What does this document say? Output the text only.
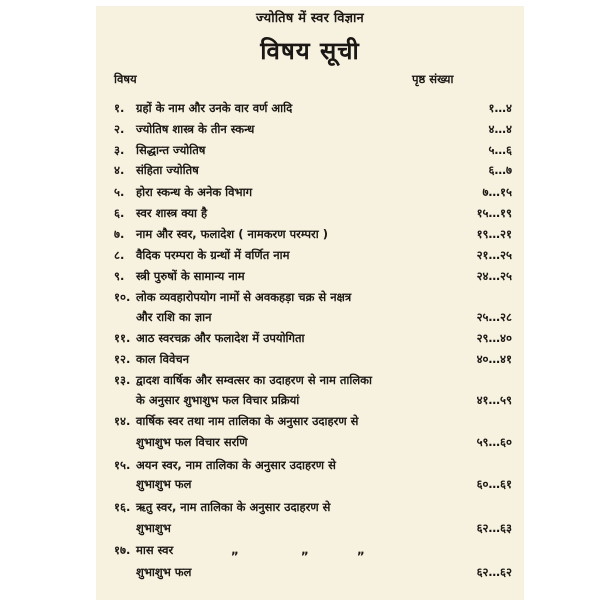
ज्योतिष में स्वर विज्ञान
विषय सूची
विषय	पृष्ठ संख्या
१. ग्रहों के नाम और उनके वार वर्ण आदि	१…४
२. ज्योतिष शास्त्र के तीन स्कन्ध	४…४
३. सिद्धान्त ज्योतिष	५…६
४. संहिता ज्योतिष	६…७
५. होरा स्कन्ध के अनेक विभाग	७…१५
६. स्वर शास्त्र क्या है	१५…१९
७. नाम और स्वर, फलादेश ( नामकरण परम्परा )	१९…२१
८. वैदिक परम्परा के ग्रन्थों में वर्णित नाम	२१…२५
९. स्त्री पुरुषों के सामान्य नाम	२४…२५
१०. लोक व्यवहारोपयोग नामों से अवकहड़ा चक्र से नक्षत्र
और राशि का ज्ञान	२५…२८
११. आठ स्वरचक्र और फलादेश में उपयोगिता	२९…४०
१२. काल विवेचन	४०…४१
१३. द्वादश वार्षिक और सम्वत्सर का उदाहरण से नाम तालिका
के अनुसार शुभाशुभ फल विचार प्रक्रियां	४१…५९
१४. वार्षिक स्वर तथा नाम तालिका के अनुसार उदाहरण से
शुभाशुभ फल विचार सरणि	५९…६०
१५. अयन स्वर, नाम तालिका के अनुसार उदाहरण से
शुभाशुभ फल	६०…६१
१६. ऋतु स्वर, नाम तालिका के अनुसार उदाहरण से
शुभाशुभ	६२…६३
१७. मास स्वर	„	„	„
शुभाशुभ फल	६२…६२
